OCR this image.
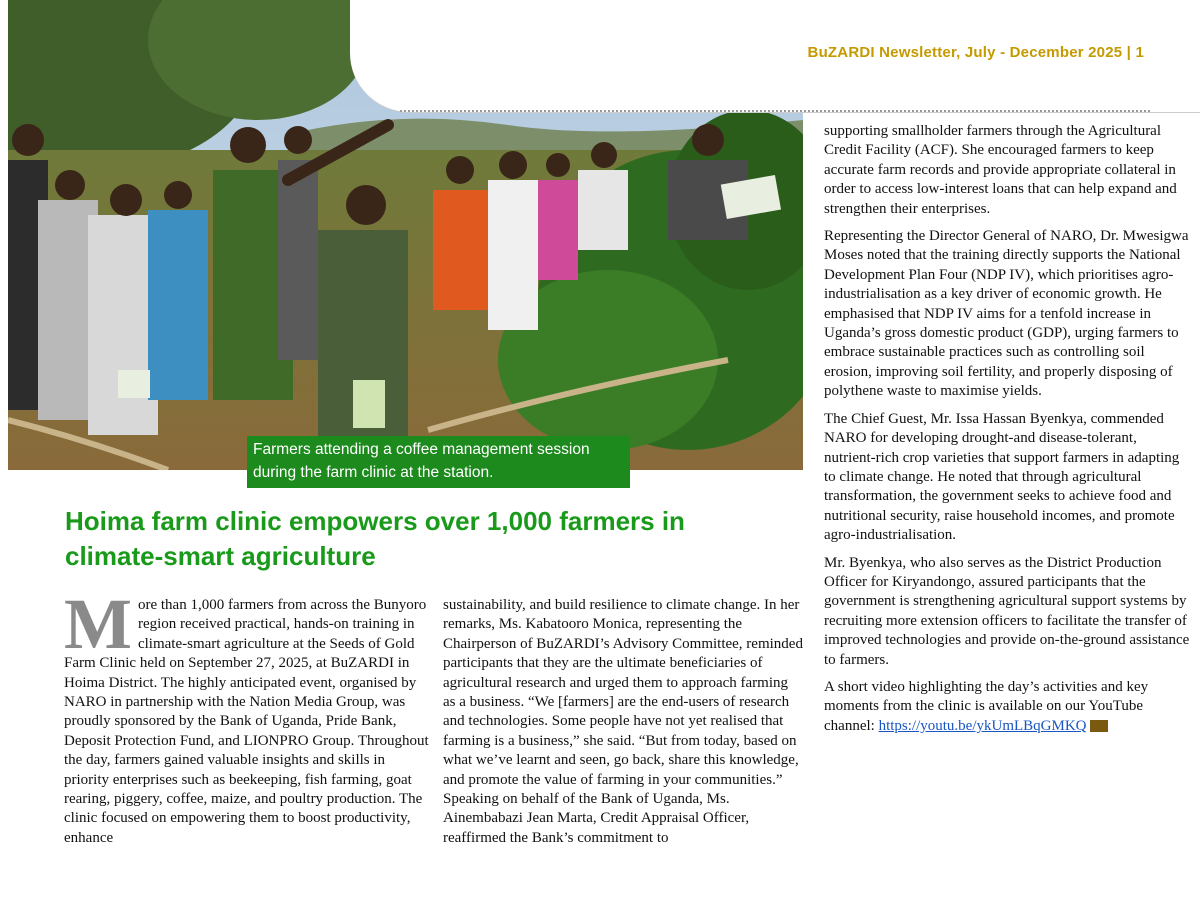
BuZARDI Newsletter, July - December 2025 | 1
Farmers attending a coffee management session
during the farm clinic at the station.
Hoima farm clinic empowers over 1,000 farmers in
climate-smart agriculture
M ore than 1,000 farmers from across the Bunyoro region received practical, hands-on training in climate-smart agriculture at the Seeds of Gold Farm Clinic held on September 27, 2025, at BuZARDI in Hoima District. The highly anticipated event, organised by NARO in partnership with the Nation Media Group, was proudly sponsored by the Bank of Uganda, Pride Bank, Deposit Protection Fund, and LIONPRO Group. Throughout the day, farmers gained valuable insights and skills in priority enterprises such as beekeeping, fish farming, goat rearing, piggery, coffee, maize, and poultry production. The clinic focused on empowering them to boost productivity, enhance
sustainability, and build resilience to climate change. In her remarks, Ms. Kabatooro Monica, representing the Chairperson of BuZARDI’s Advisory Committee, reminded participants that they are the ultimate beneficiaries of agricultural research and urged them to approach farming as a business. “We [farmers] are the end-users of research and technologies. Some people have not yet realised that farming is a business,” she said. “But from today, based on what we’ve learnt and seen, go back, share this knowledge, and promote the value of farming in your communities.” Speaking on behalf of the Bank of Uganda, Ms. Ainembabazi Jean Marta, Credit Appraisal Officer, reaffirmed the Bank’s commitment to

supporting smallholder farmers through the Agricultural Credit Facility (ACF). She encouraged farmers to keep accurate farm records and provide appropriate collateral in order to access low-interest loans that can help expand and strengthen their enterprises.

Representing the Director General of NARO, Dr. Mwesigwa Moses noted that the training directly supports the National Development Plan Four (NDP IV), which prioritises agro-industrialisation as a key driver of economic growth. He emphasised that NDP IV aims for a tenfold increase in Uganda’s gross domestic product (GDP), urging farmers to embrace sustainable practices such as controlling soil erosion, improving soil fertility, and properly disposing of polythene waste to maximise yields.

The Chief Guest, Mr. Issa Hassan Byenkya, commended NARO for developing drought-and disease-tolerant, nutrient-rich crop varieties that support farmers in adapting to climate change. He noted that through agricultural transformation, the government seeks to achieve food and nutritional security, raise household incomes, and promote agro-industrialisation.

Mr. Byenkya, who also serves as the District Production Officer for Kiryandongo, assured participants that the government is strengthening agricultural support systems by recruiting more extension officers to facilitate the transfer of improved technologies and provide on-the-ground assistance to farmers.

A short video highlighting the day’s activities and key moments from the clinic is available on our YouTube channel: https://youtu.be/ykUmLBqGMKQ
